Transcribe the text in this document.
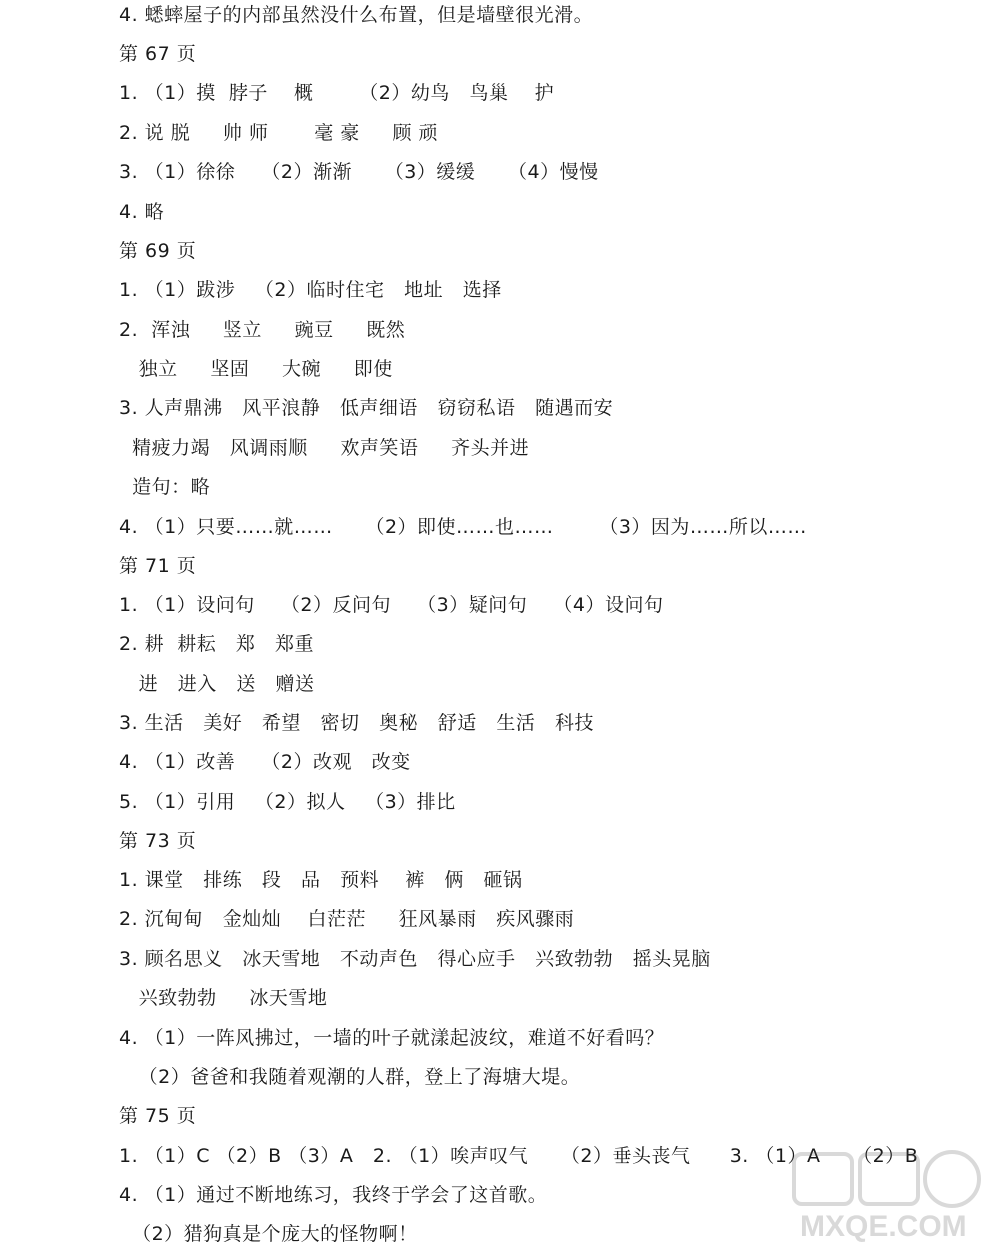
4. 蟋蟀屋子的内部虽然没什么布置，但是墙壁很光滑。
第 67 页
1. （1）摸  脖子    概       （2）幼鸟   鸟巢    护
2. 说 脱     帅 师       毫 豪     顾 顽
3. （1）徐徐    （2）渐渐     （3）缓缓     （4）慢慢
4. 略
第 69 页
1. （1）跋涉   （2）临时住宅   地址   选择
2.  浑浊     竖立     豌豆     既然
独立     坚固     大碗     即使
3. 人声鼎沸   风平浪静   低声细语   窃窃私语   随遇而安
精疲力竭   风调雨顺     欢声笑语     齐头并进
造句：略
4. （1）只要……就……     （2）即使……也……       （3）因为……所以……
第 71 页
1. （1）设问句    （2）反问句    （3）疑问句    （4）设问句
2. 耕  耕耘   郑   郑重
进   进入   送   赠送
3. 生活   美好   希望   密切   奥秘   舒适   生活   科技
4. （1）改善    （2）改观   改变
5. （1）引用   （2）拟人   （3）排比
第 73 页
1. 课堂   排练   段   品   预料    裤   俩   砸锅
2. 沉甸甸   金灿灿    白茫茫     狂风暴雨   疾风骤雨
3. 顾名思义   冰天雪地   不动声色   得心应手   兴致勃勃   摇头晃脑
兴致勃勃     冰天雪地
4. （1）一阵风拂过，一墙的叶子就漾起波纹，难道不好看吗？
（2）爸爸和我随着观潮的人群，登上了海塘大堤。
第 75 页
1. （1）C （2）B （3）A   2. （1）唉声叹气     （2）垂头丧气      3. （1）A     （2）B
4. （1）通过不断地练习，我终于学会了这首歌。
（2）猎狗真是个庞大的怪物啊！	MXQE.COM
